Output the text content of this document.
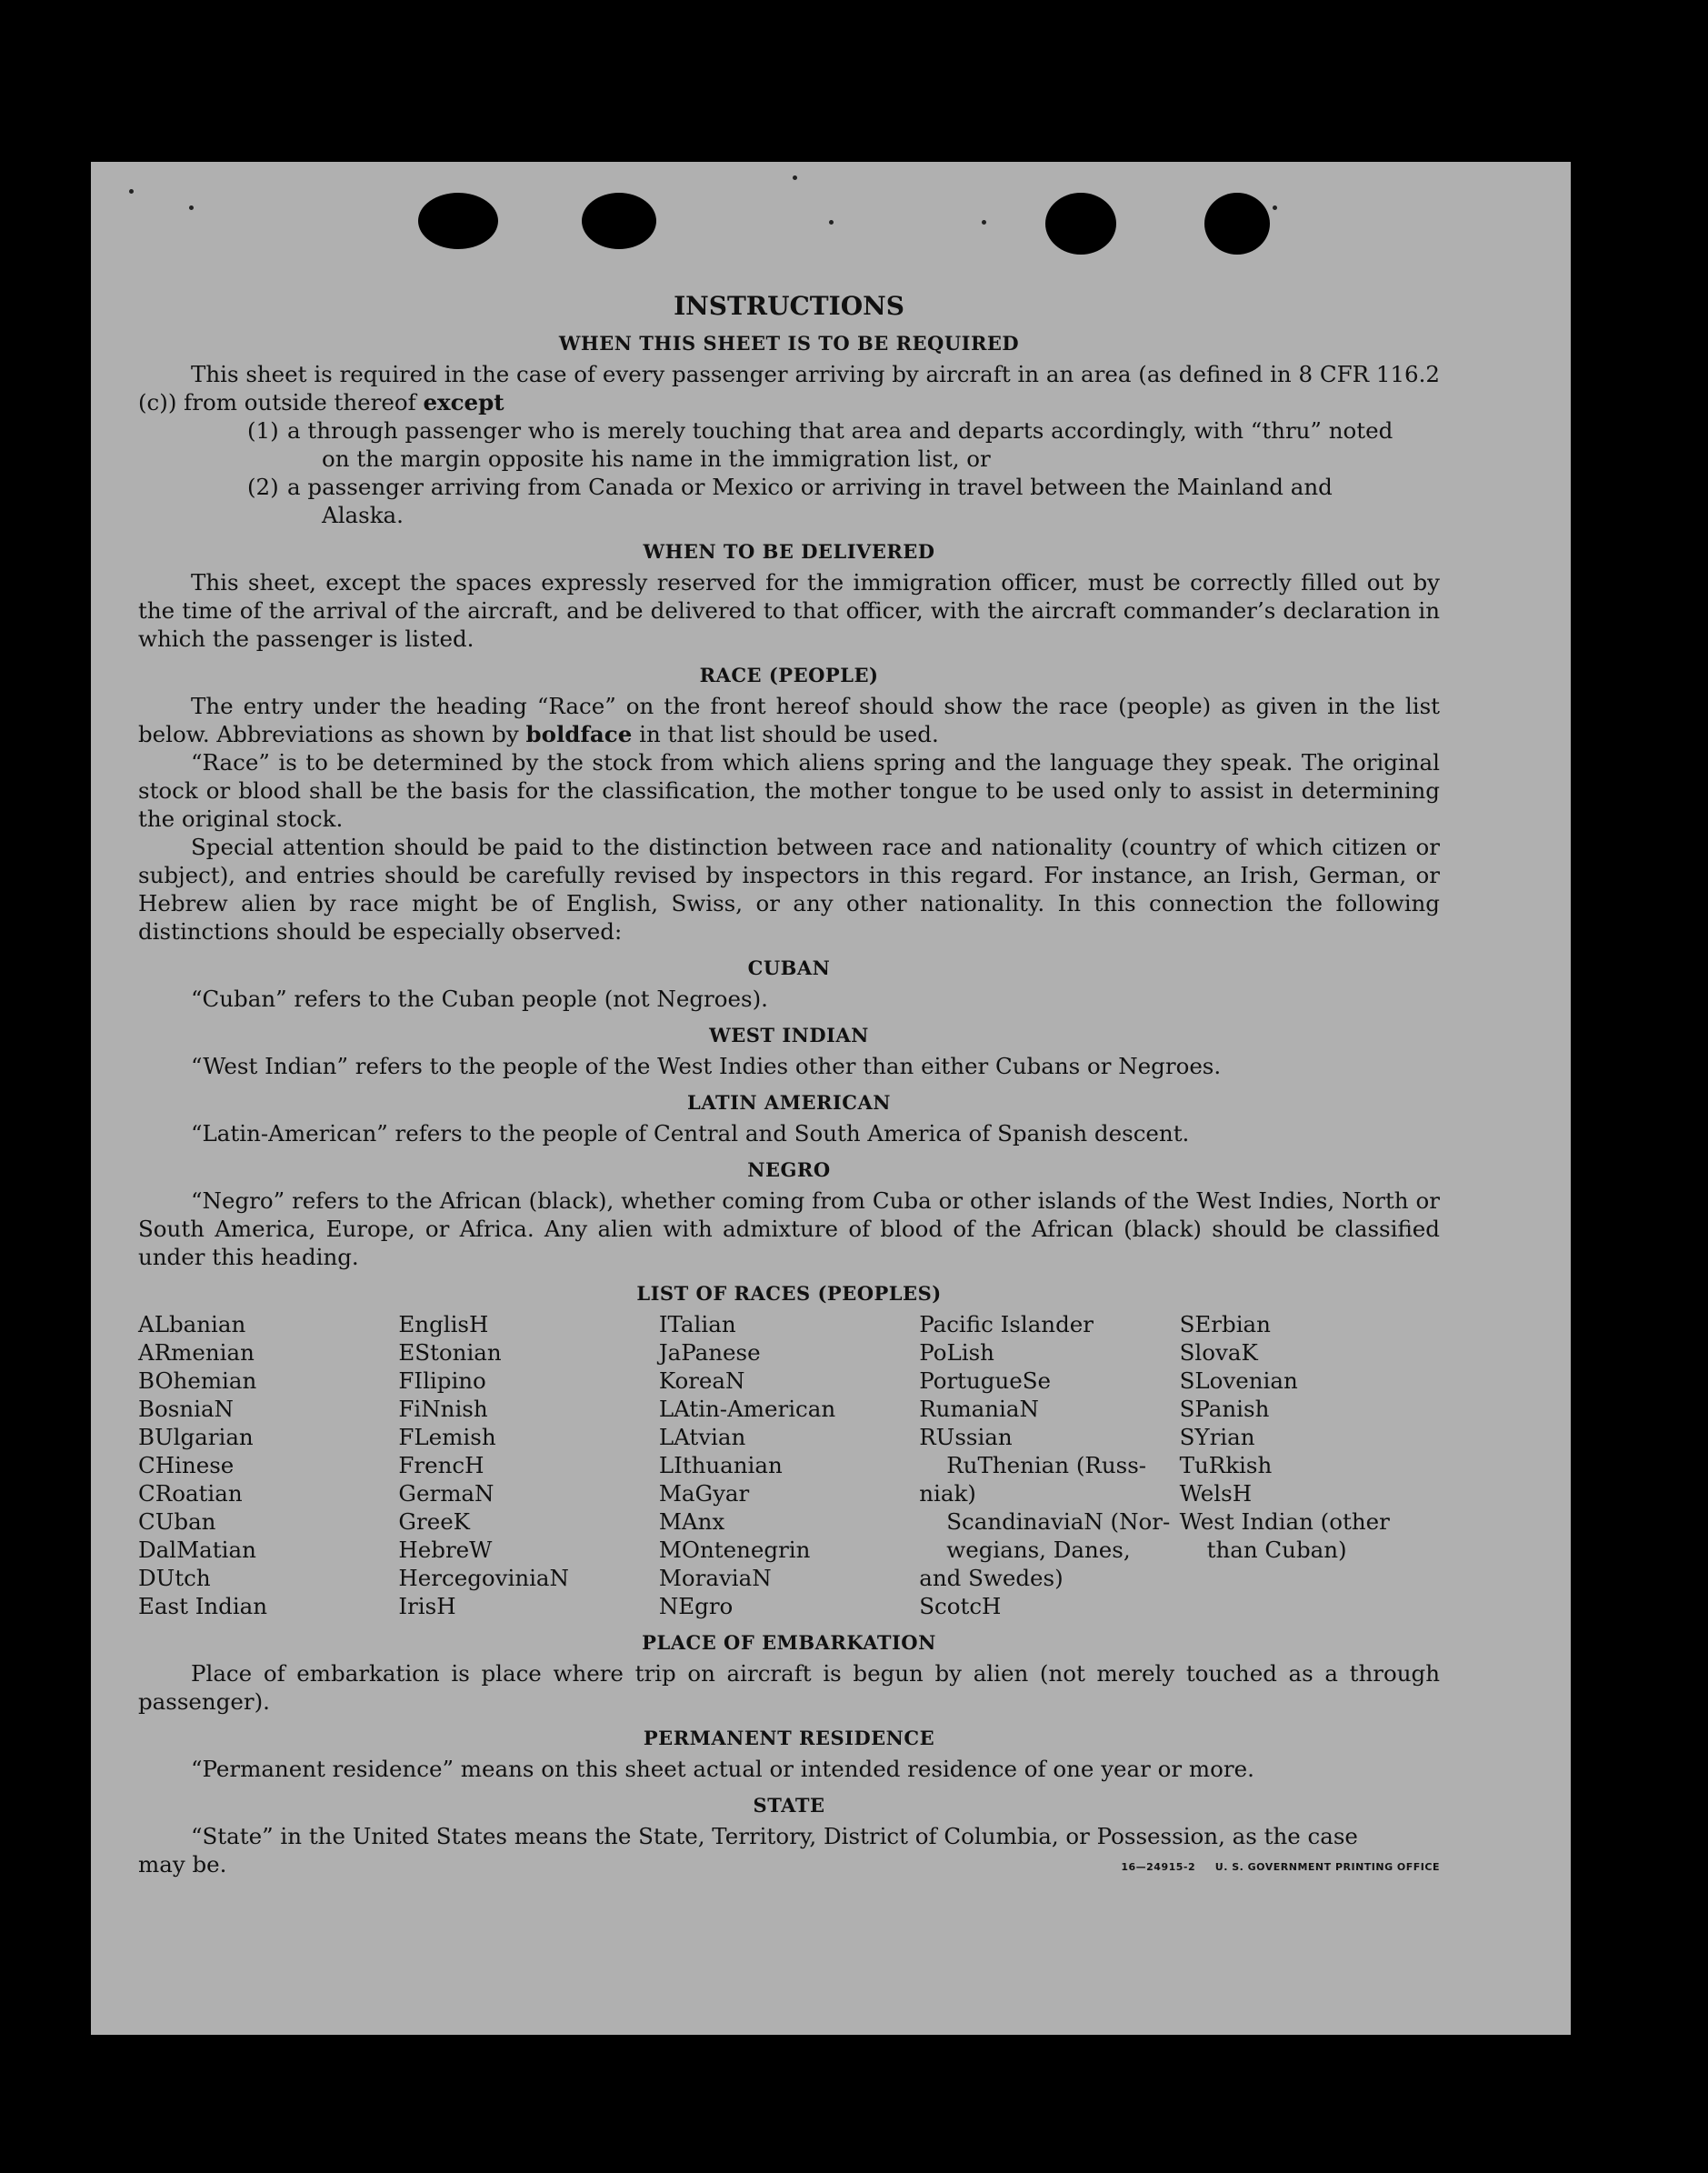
INSTRUCTIONS
WHEN THIS SHEET IS TO BE REQUIRED

This sheet is required in the case of every passenger arriving by aircraft in an area (as defined in 8 CFR 116.2 (c)) from outside thereof except

(1) a through passenger who is merely touching that area and departs accordingly, with “thru” noted
on the margin opposite his name in the immigration list, or
(2) a passenger arriving from Canada or Mexico or arriving in travel between the Mainland and
Alaska.
WHEN TO BE DELIVERED

This sheet, except the spaces expressly reserved for the immigration officer, must be correctly filled out by the time of the arrival of the aircraft, and be delivered to that officer, with the aircraft commander’s declaration in which the passenger is listed.

RACE (PEOPLE)

The entry under the heading “Race” on the front hereof should show the race (people) as given in the list below. Abbreviations as shown by boldface in that list should be used.

“Race” is to be determined by the stock from which aliens spring and the language they speak. The original stock or blood shall be the basis for the classification, the mother tongue to be used only to assist in determining the original stock.

Special attention should be paid to the distinction between race and nationality (country of which citizen or subject), and entries should be carefully revised by inspectors in this regard. For instance, an Irish, German, or Hebrew alien by race might be of English, Swiss, or any other nationality. In this connection the following distinctions should be especially observed:

CUBAN

“Cuban” refers to the Cuban people (not Negroes).

WEST INDIAN

“West Indian” refers to the people of the West Indies other than either Cubans or Negroes.

LATIN AMERICAN

“Latin-American” refers to the people of Central and South America of Spanish descent.

NEGRO

“Negro” refers to the African (black), whether coming from Cuba or other islands of the West Indies, North or South America, Europe, or Africa. Any alien with admixture of blood of the African (black) should be classified under this heading.

LIST OF RACES (PEOPLES)
ALbanian
ARmenian
BOhemian
BosniaN
BUlgarian
CHinese
CRoatian
CUban
DalMatian
DUtch
East Indian
EnglisH
EStonian
FIlipino
FiNnish
FLemish
FrencH
GermaN
GreeK
HebreW
HercegoviniaN
IrisH
ITalian
JaPanese
KoreaN
LAtin-American
LAtvian
LIthuanian
MaGyar
MAnx
MOntenegrin
MoraviaN
NEgro
Pacific Islander
PoLish
PortugueSe
RumaniaN
RUssian
RuThenian (Russ-
niak)
ScandinaviaN (Nor-
wegians, Danes,
and Swedes)
ScotcH
SErbian
SlovaK
SLovenian
SPanish
SYrian
TuRkish
WelsH
West Indian (other
than Cuban)
PLACE OF EMBARKATION

Place of embarkation is place where trip on aircraft is begun by alien (not merely touched as a through passenger).

PERMANENT RESIDENCE

“Permanent residence” means on this sheet actual or intended residence of one year or more.

STATE

“State” in the United States means the State, Territory, District of Columbia, or Possession, as the case

may be.	16—24915-2 U. S. GOVERNMENT PRINTING OFFICE
